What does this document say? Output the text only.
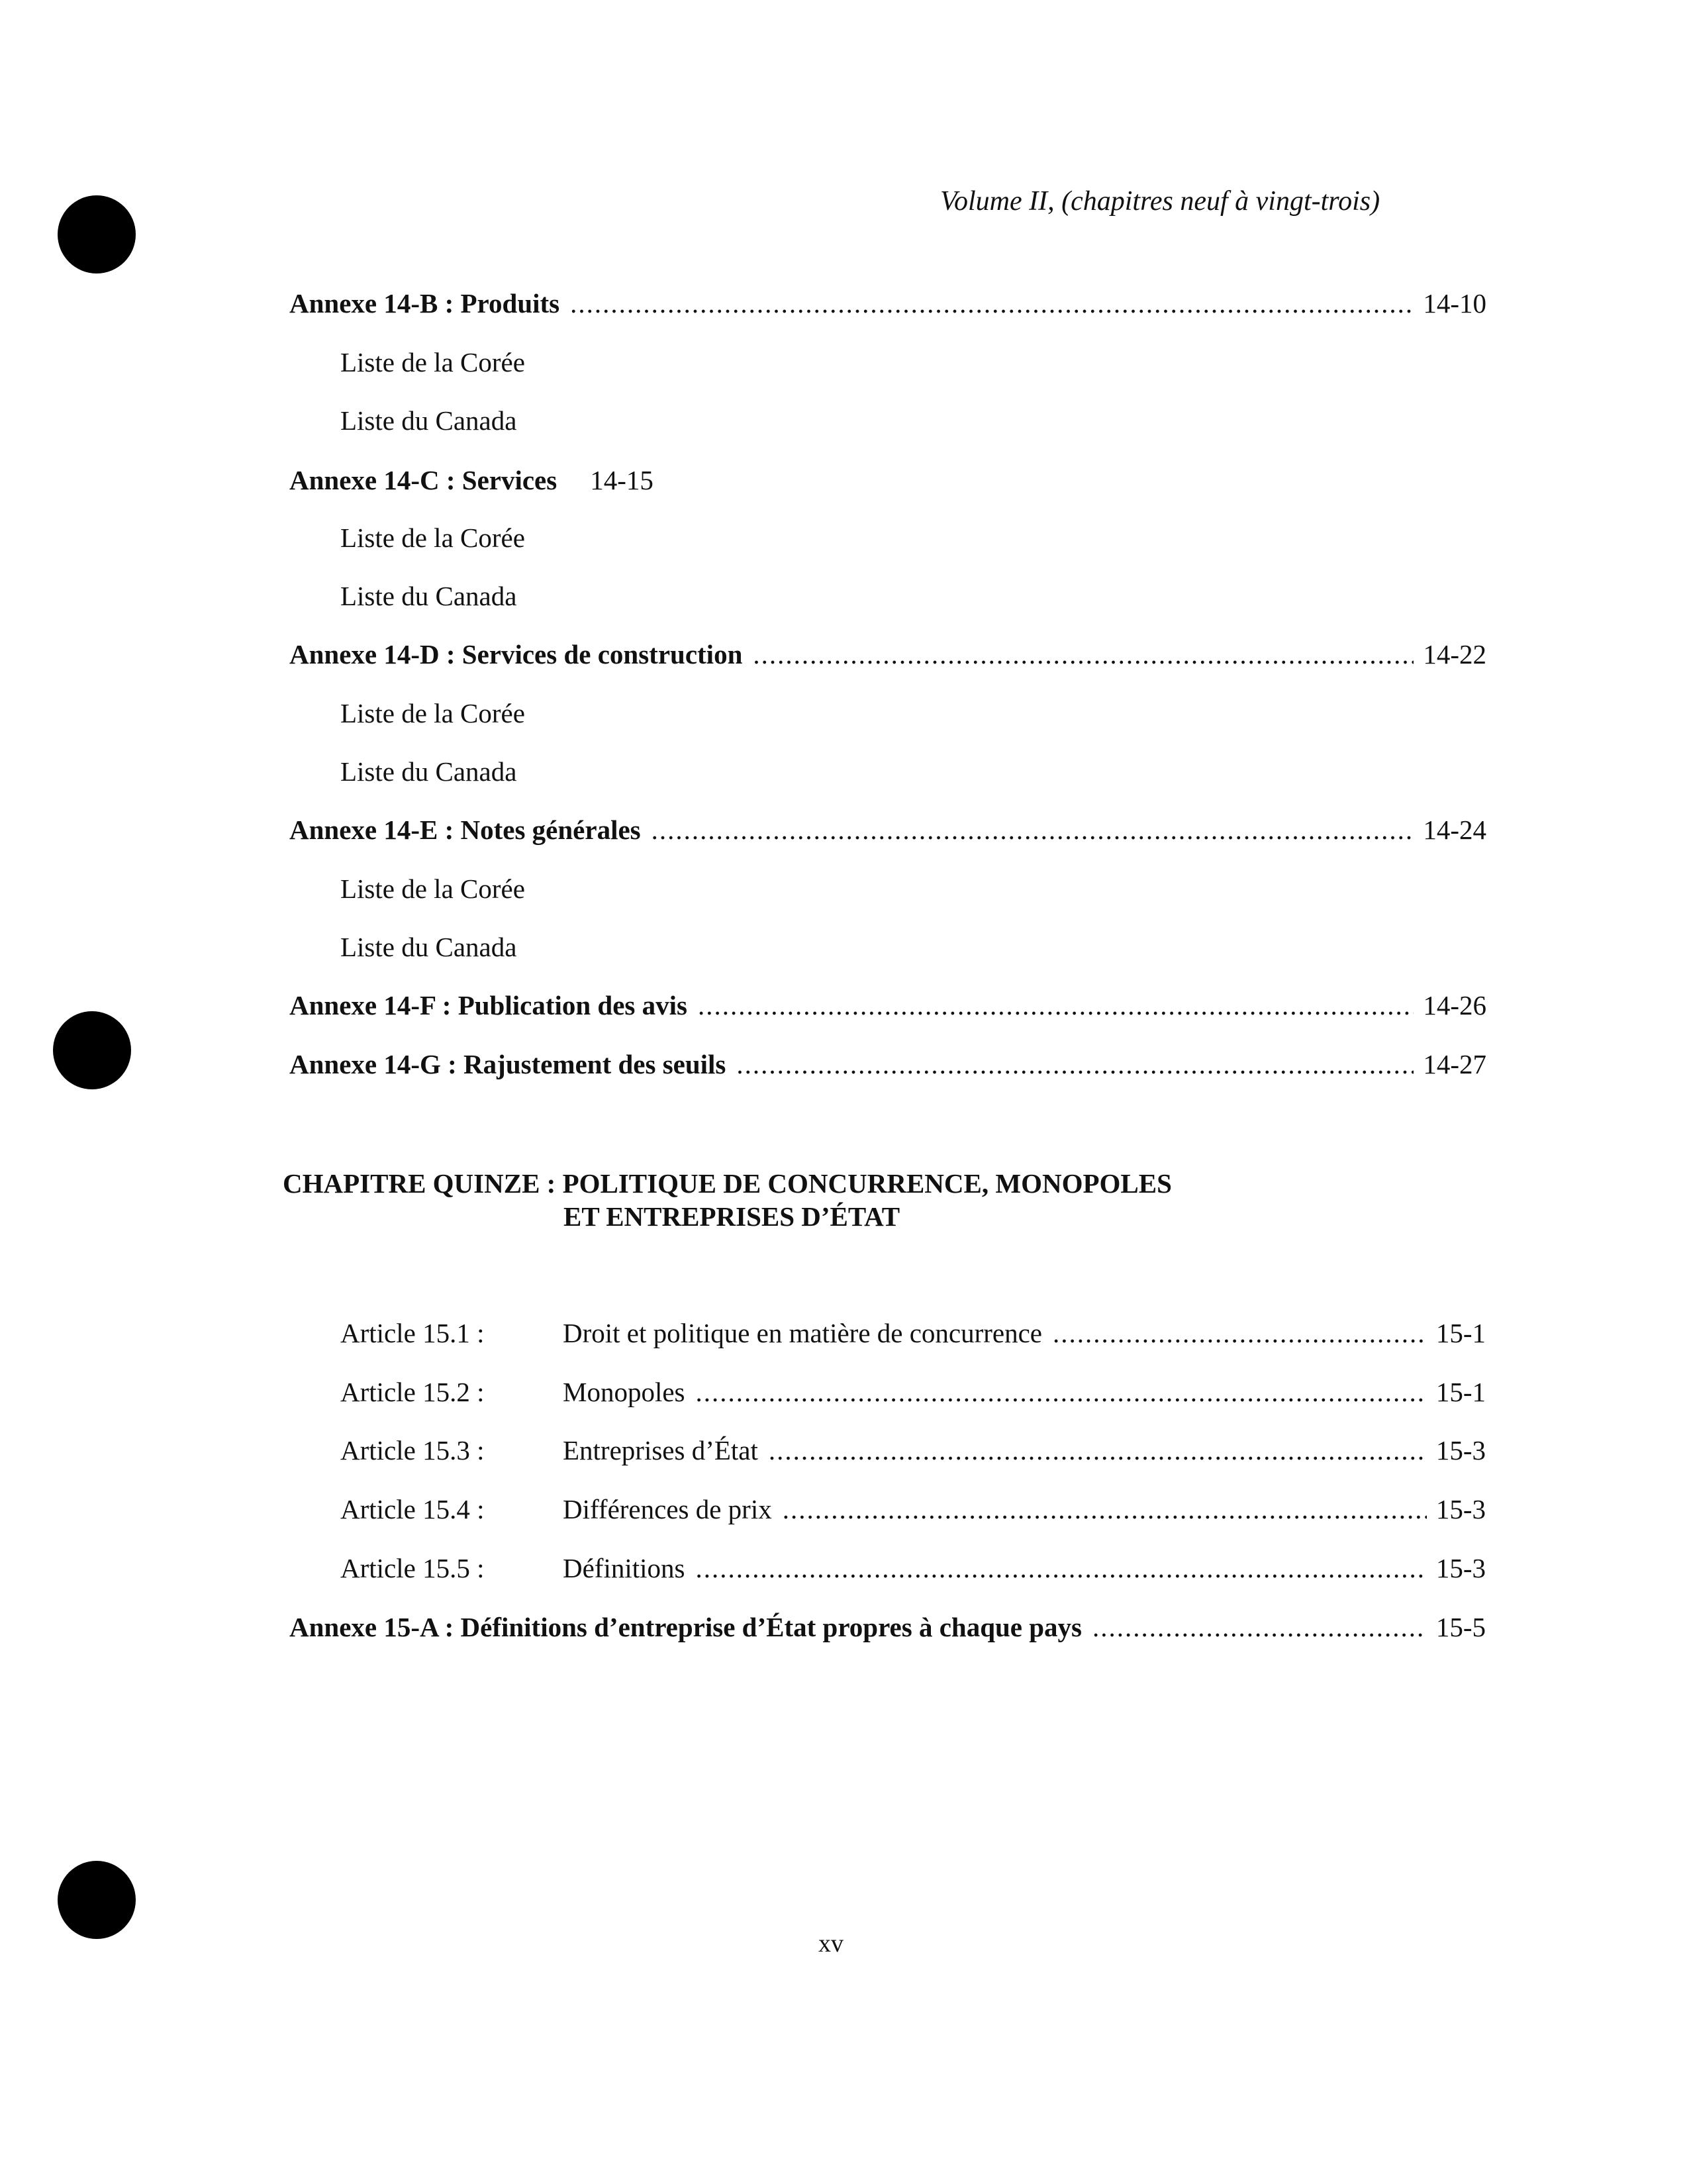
Volume II, (chapitres neuf à vingt-trois)
Annexe 14-B : Produits .....	14-10
Liste de la Corée
Liste du Canada
Annexe 14-C : Services 14-15
Liste de la Corée
Liste du Canada
Annexe 14-D : Services de construction .....	14-22
Liste de la Corée
Liste du Canada
Annexe 14-E : Notes générales .....	14-24
Liste de la Corée
Liste du Canada
Annexe 14-F : Publication des avis .....	14-26
Annexe 14-G : Rajustement des seuils .....	14-27
CHAPITRE QUINZE : POLITIQUE DE CONCURRENCE, MONOPOLES
ET ENTREPRISES D’ÉTAT
Article 15.1 :	Droit et politique en matière de concurrence .....	15-1
Article 15.2 :	Monopoles .....	15-1
Article 15.3 :	Entreprises d’État .....	15-3
Article 15.4 :	Différences de prix .....	15-3
Article 15.5 :	Définitions .....	15-3
Annexe 15-A : Définitions d’entreprise d’État propres à chaque pays .....	15-5
xv
